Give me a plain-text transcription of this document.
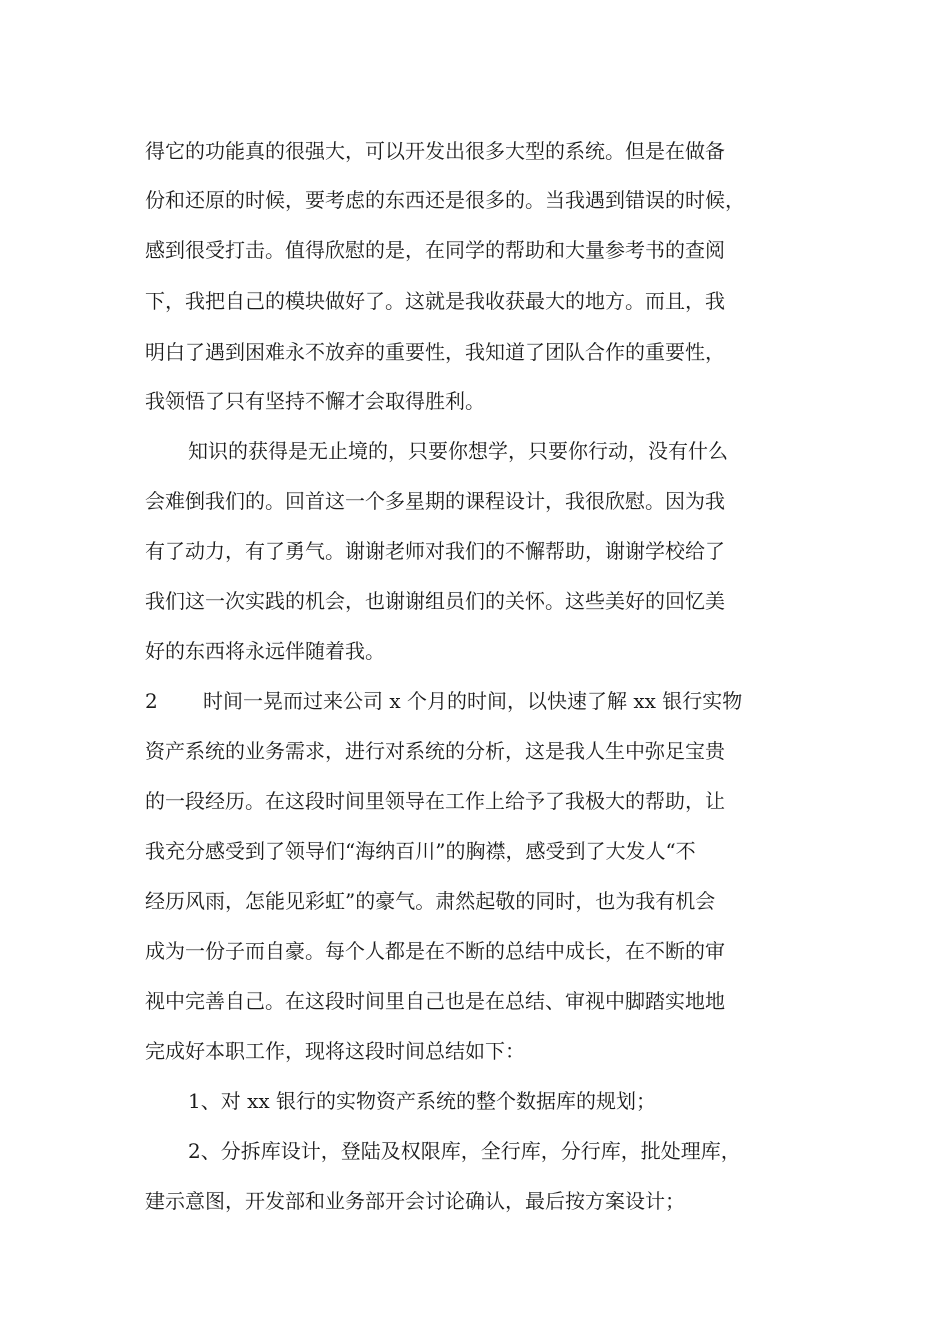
得它的功能真的很强大，可以开发出很多大型的系统。但是在做备
份和还原的时候，要考虑的东西还是很多的。当我遇到错误的时候，
感到很受打击。值得欣慰的是，在同学的帮助和大量参考书的查阅
下，我把自己的模块做好了。这就是我收获最大的地方。而且，我
明白了遇到困难永不放弃的重要性，我知道了团队合作的重要性，
我领悟了只有坚持不懈才会取得胜利。
知识的获得是无止境的，只要你想学，只要你行动，没有什么
会难倒我们的。回首这一个多星期的课程设计，我很欣慰。因为我
有了动力，有了勇气。谢谢老师对我们的不懈帮助，谢谢学校给了
我们这一次实践的机会，也谢谢组员们的关怀。这些美好的回忆美
好的东西将永远伴随着我。
2 时间一晃而过来公司 x 个月的时间，以快速了解 xx 银行实物
资产系统的业务需求，进行对系统的分析，这是我人生中弥足宝贵
的一段经历。在这段时间里领导在工作上给予了我极大的帮助，让
我充分感受到了领导们“海纳百川”的胸襟，感受到了大发人“不
经历风雨，怎能见彩虹”的豪气。肃然起敬的同时，也为我有机会
成为一份子而自豪。每个人都是在不断的总结中成长，在不断的审
视中完善自己。在这段时间里自己也是在总结、审视中脚踏实地地
完成好本职工作，现将这段时间总结如下：
1、对 xx 银行的实物资产系统的整个数据库的规划；
2、分拆库设计，登陆及权限库，全行库，分行库，批处理库，
建示意图，开发部和业务部开会讨论确认，最后按方案设计；
